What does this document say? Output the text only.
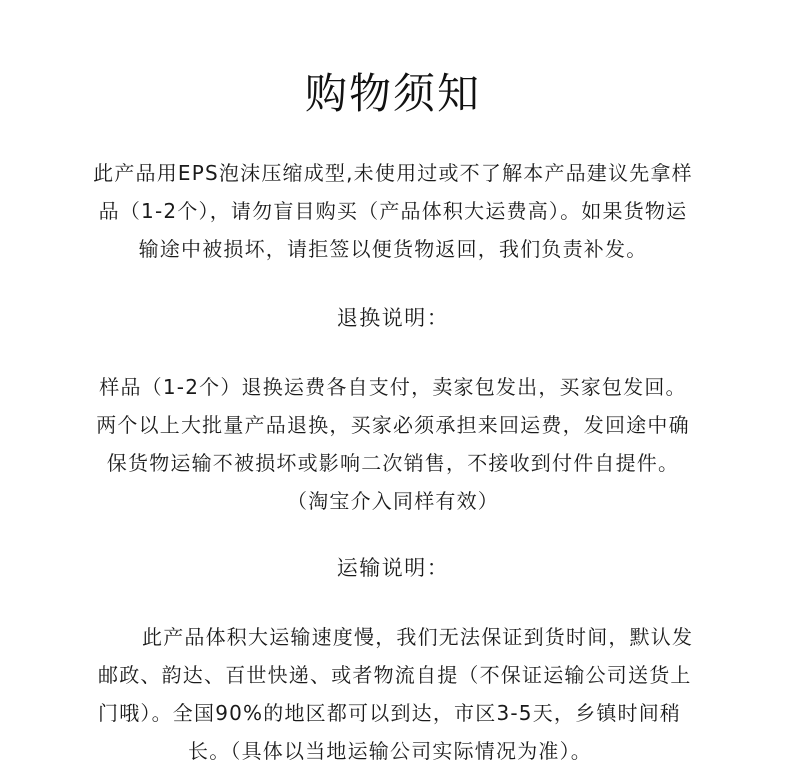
购物须知
此产品用EPS泡沫压缩成型,未使用过或不了解本产品建议先拿样
品（1-2个），请勿盲目购买（产品体积大运费高）。如果货物运
输途中被损坏，请拒签以便货物返回，我们负责补发。
退换说明：
样品（1-2个）退换运费各自支付，卖家包发出，买家包发回。
两个以上大批量产品退换，买家必须承担来回运费，发回途中确
保货物运输不被损坏或影响二次销售，不接收到付件自提件。
（淘宝介入同样有效）
运输说明：
此产品体积大运输速度慢，我们无法保证到货时间，默认发
邮政、韵达、百世快递、或者物流自提（不保证运输公司送货上
门哦）。全国90%的地区都可以到达，市区3-5天，乡镇时间稍
长。（具体以当地运输公司实际情况为准）。
